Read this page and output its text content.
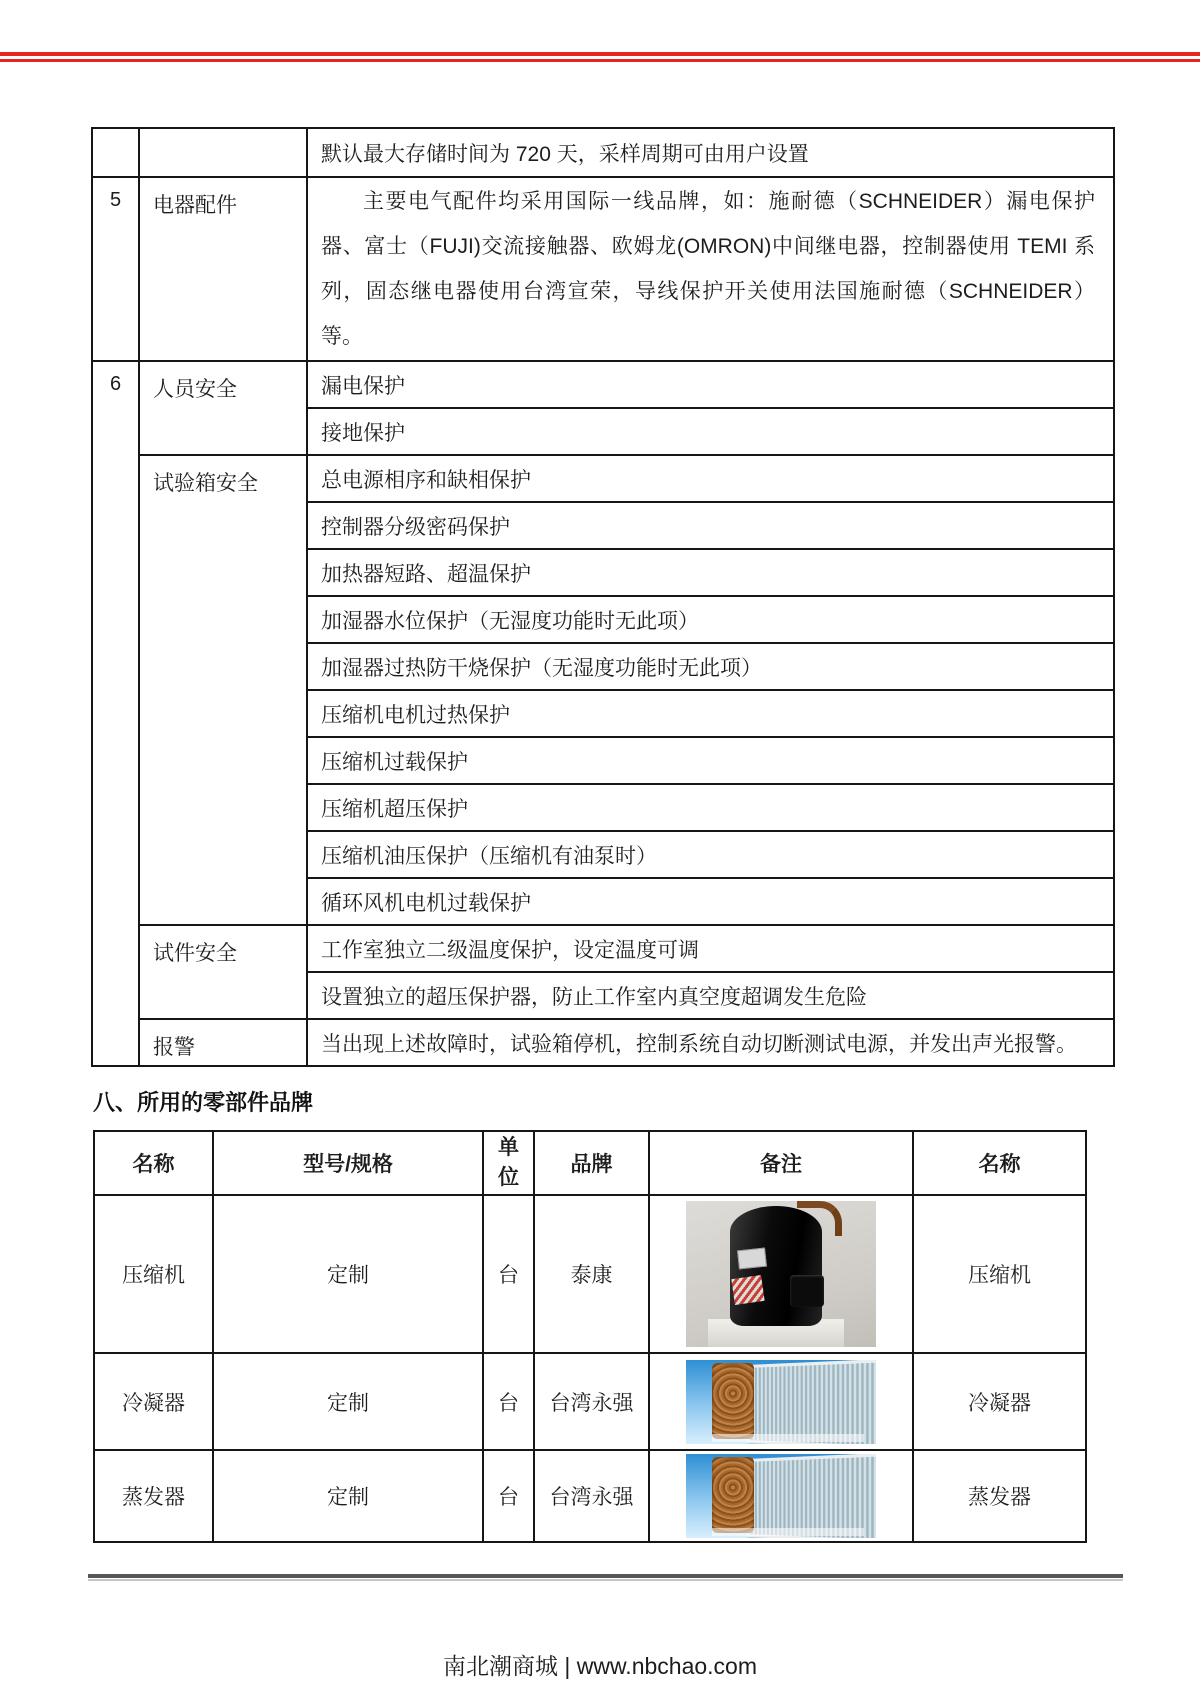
		默认最大存储时间为 720 天，采样周期可由用户设置
5	电器配件	主要电气配件均采用国际一线品牌，如：施耐德（SCHNEIDER）漏电保护器、富士（FUJI)交流接触器、欧姆龙(OMRON)中间继电器，控制器使用 TEMI 系列，固态继电器使用台湾宣荣，导线保护开关使用法国施耐德（SCHNEIDER）等。
6	人员安全	漏电保护
		接地保护
	试验箱安全	总电源相序和缺相保护
		控制器分级密码保护
		加热器短路、超温保护
		加湿器水位保护（无湿度功能时无此项）
		加湿器过热防干烧保护（无湿度功能时无此项）
		压缩机电机过热保护
		压缩机过载保护
		压缩机超压保护
		压缩机油压保护（压缩机有油泵时）
		循环风机电机过载保护
	试件安全	工作室独立二级温度保护，设定温度可调
		设置独立的超压保护器，防止工作室内真空度超调发生危险
	报警	当出现上述故障时，试验箱停机，控制系统自动切断测试电源，并发出声光报警。
八、所用的零部件品牌
名称	型号/规格	单位	品牌	备注	名称
压缩机	定制	台	泰康		压缩机
冷凝器	定制	台	台湾永强		冷凝器
蒸发器	定制	台	台湾永强		蒸发器
南北潮商城 | www.nbchao.com
